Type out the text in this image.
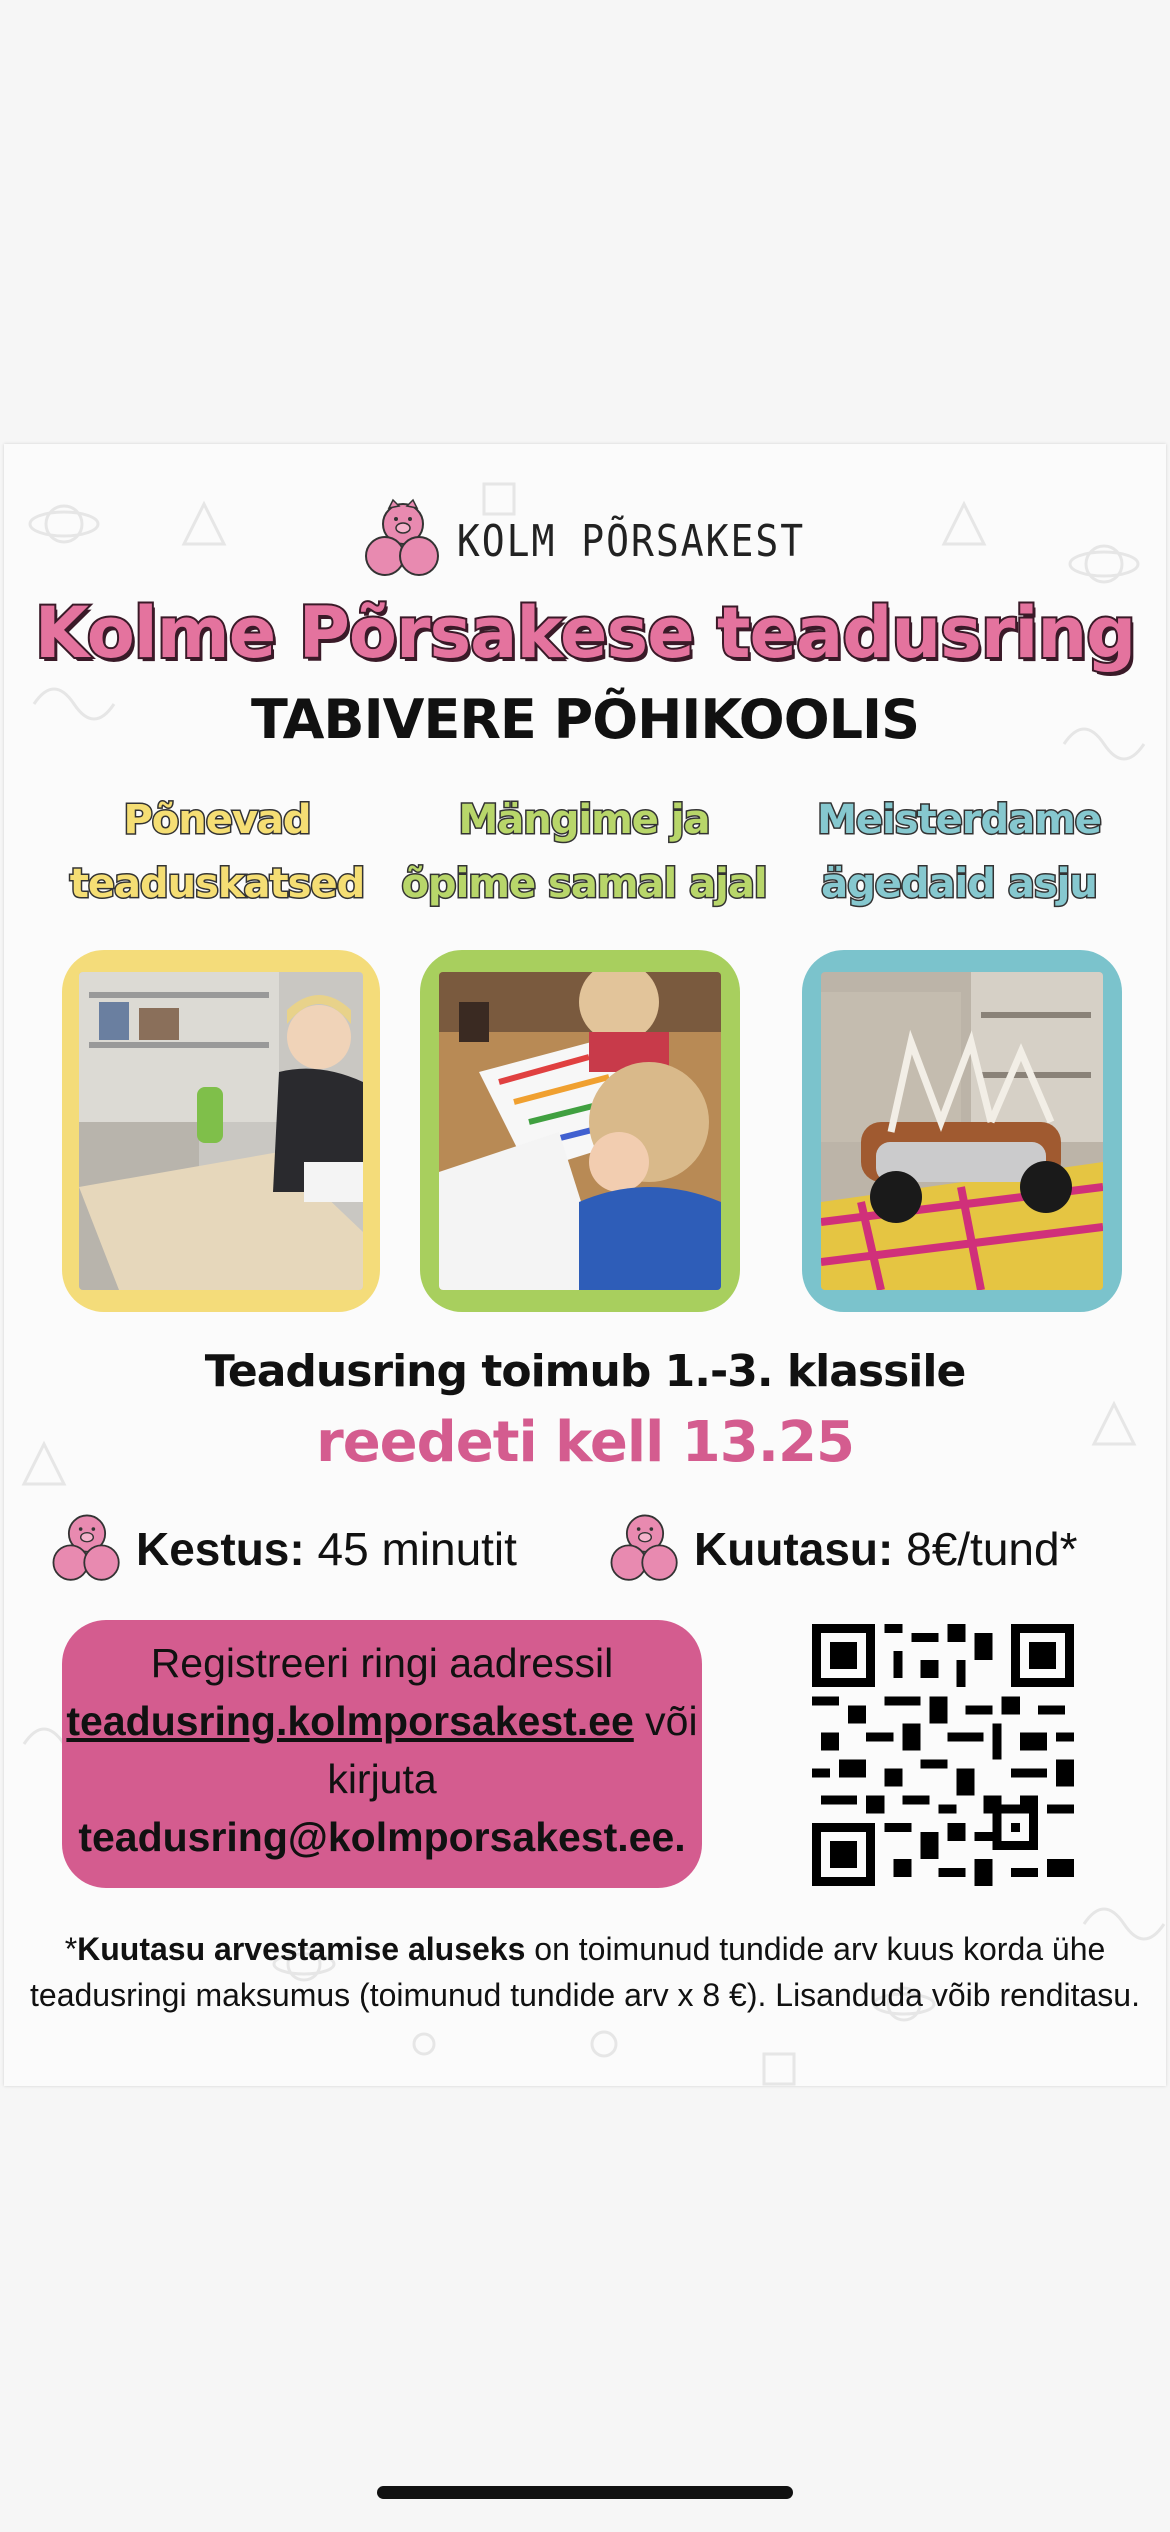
KOLM PÕRSAKEST
Kolme Põrsakese teadusring
TABIVERE PÕHIKOOLIS
Põnevad
teaduskatsed
Mängime ja
õpime samal ajal
Meisterdame
ägedaid asju
Teadusring toimub 1.-3. klassile
reedeti kell 13.25
Kestus: 45 minutit	Kuutasu: 8€/tund*
Registreeri ringi aadressil
teadusring.kolmporsakest.ee või
kirjuta
teadusring@kolmporsakest.ee.
*Kuutasu arvestamise aluseks on toimunud tundide arv kuus korda ühe
teadusringi maksumus (toimunud tundide arv x 8 €). Lisanduda võib renditasu.
